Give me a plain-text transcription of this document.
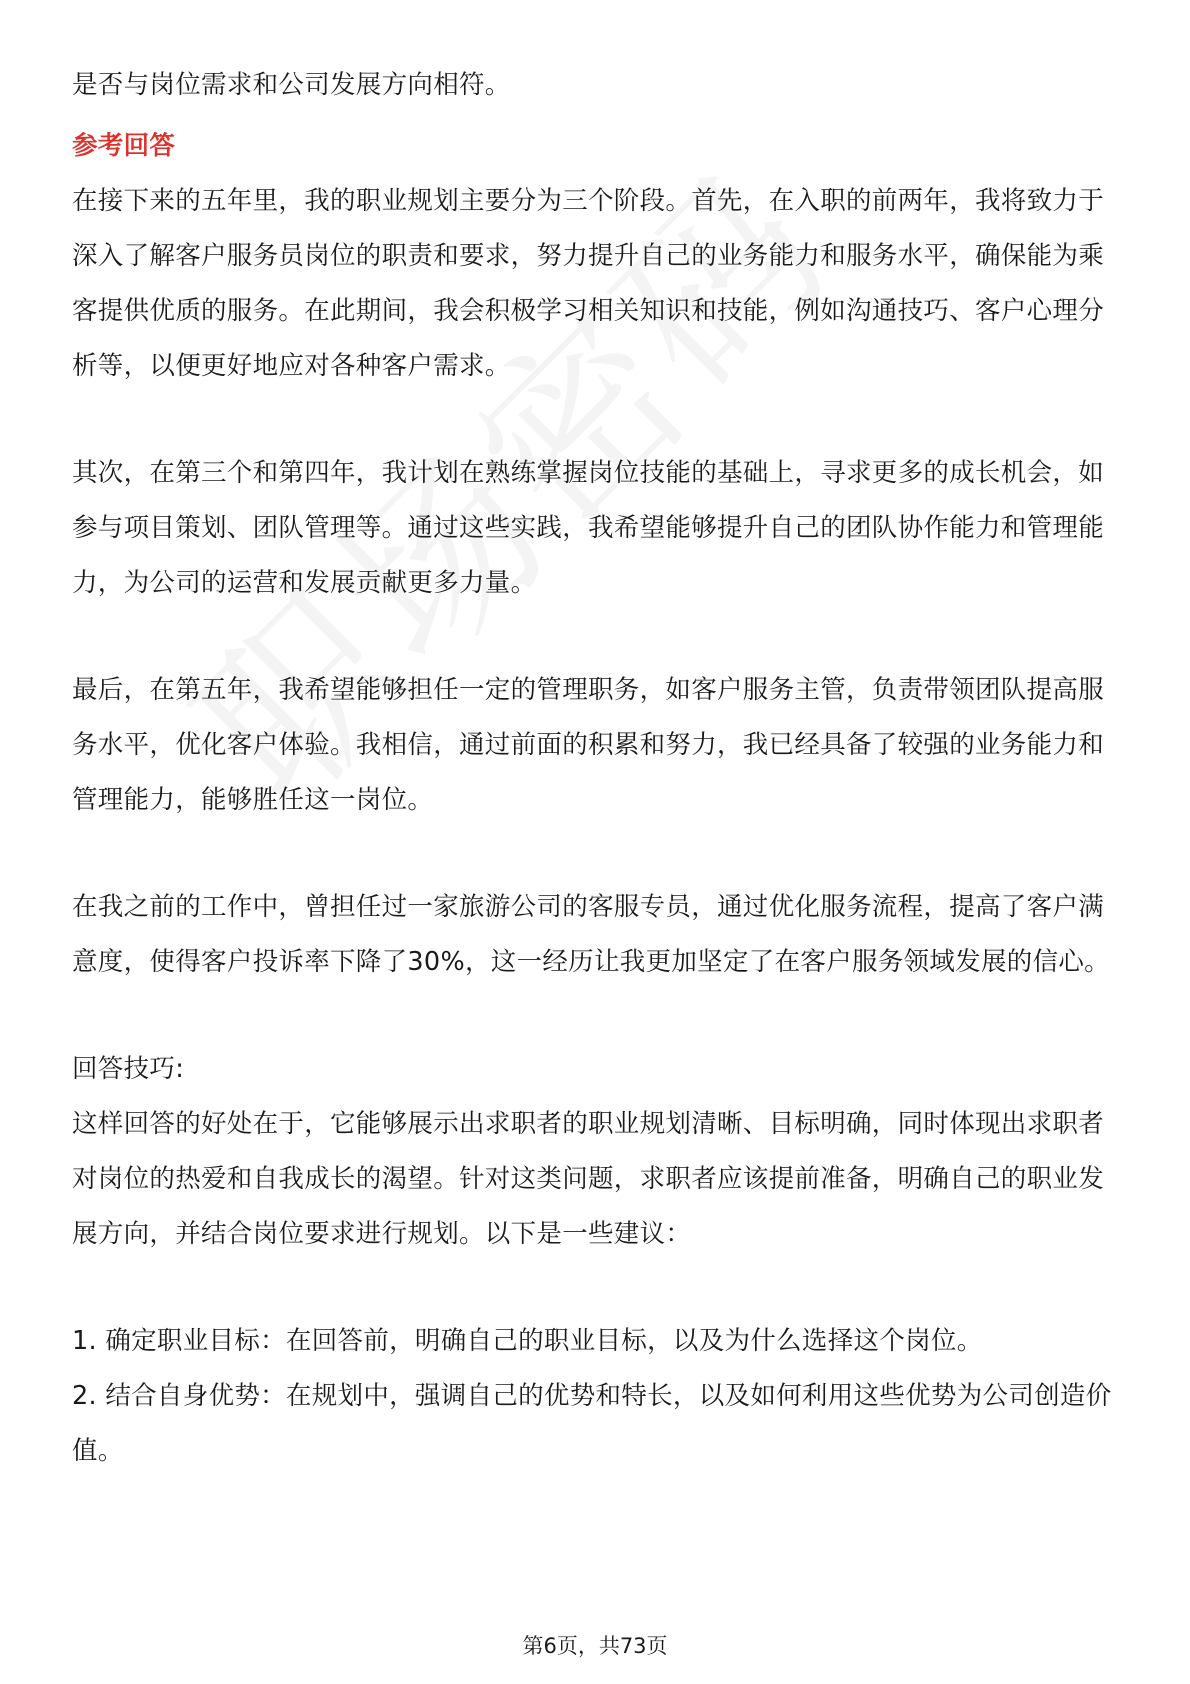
是否与岗位需求和公司发展方向相符。

参考回答

在接下来的五年里，我的职业规划主要分为三个阶段。首先，在入职的前两年，我将致力于深入了解客户服务员岗位的职责和要求，努力提升自己的业务能力和服务水平，确保能为乘客提供优质的服务。在此期间，我会积极学习相关知识和技能，例如沟通技巧、客户心理分析等，以便更好地应对各种客户需求。

其次，在第三个和第四年，我计划在熟练掌握岗位技能的基础上，寻求更多的成长机会，如参与项目策划、团队管理等。通过这些实践，我希望能够提升自己的团队协作能力和管理能力，为公司的运营和发展贡献更多力量。

最后，在第五年，我希望能够担任一定的管理职务，如客户服务主管，负责带领团队提高服务水平，优化客户体验。我相信，通过前面的积累和努力，我已经具备了较强的业务能力和管理能力，能够胜任这一岗位。

在我之前的工作中，曾担任过一家旅游公司的客服专员，通过优化服务流程，提高了客户满意度，使得客户投诉率下降了30%，这一经历让我更加坚定了在客户服务领域发展的信心。

回答技巧:

这样回答的好处在于，它能够展示出求职者的职业规划清晰、目标明确，同时体现出求职者对岗位的热爱和自我成长的渴望。针对这类问题，求职者应该提前准备，明确自己的职业发展方向，并结合岗位要求进行规划。以下是一些建议：

1. 确定职业目标：在回答前，明确自己的职业目标，以及为什么选择这个岗位。

2. 结合自身优势：在规划中，强调自己的优势和特长，以及如何利用这些优势为公司创造价值。

第6页，共73页
